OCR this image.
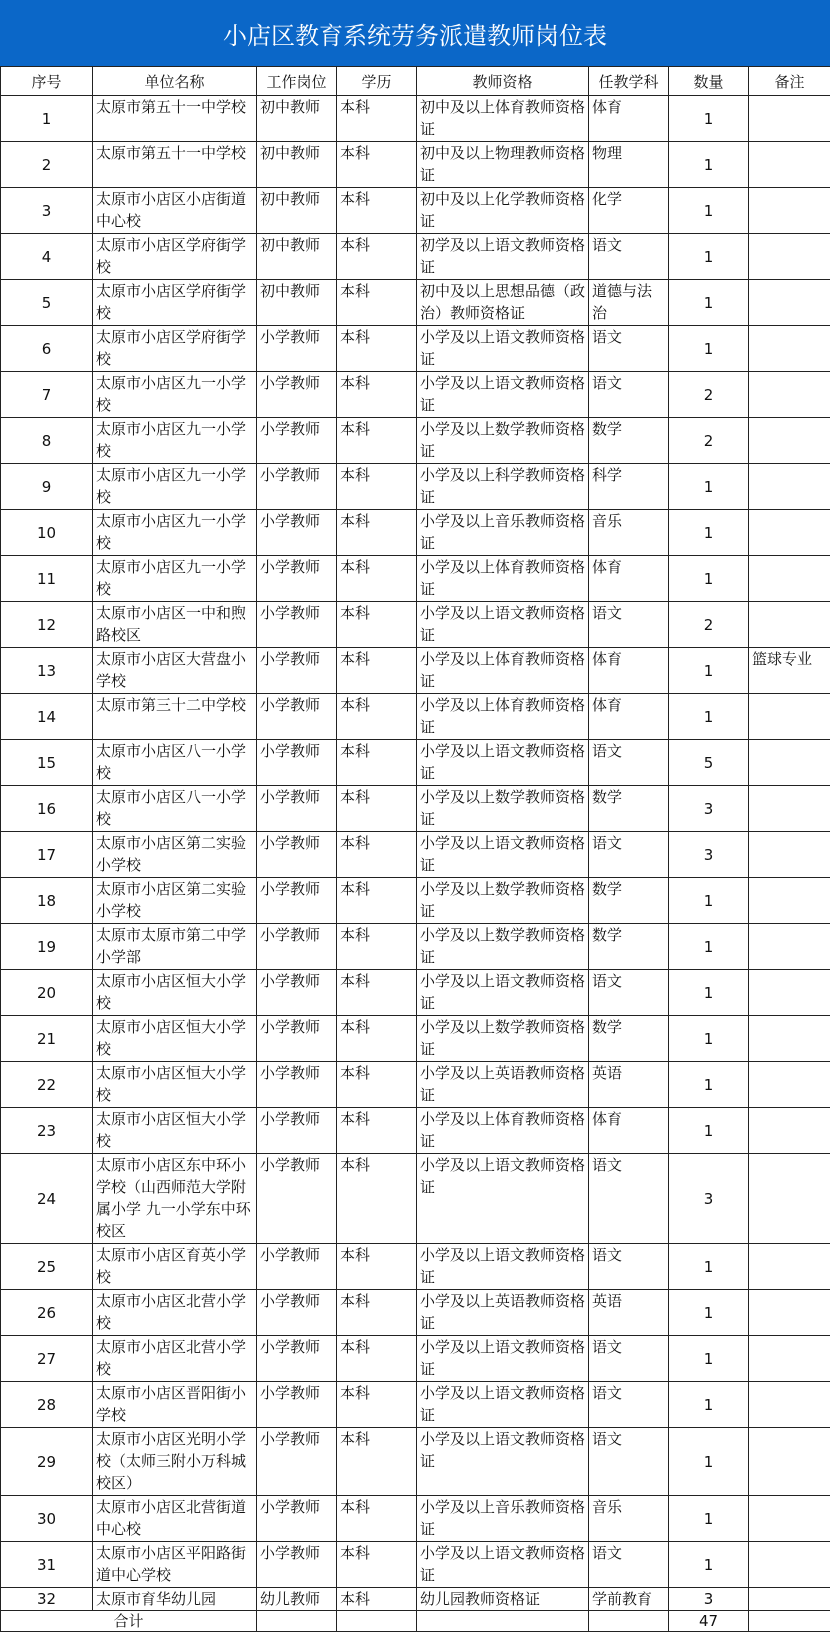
小店区教育系统劳务派遣教师岗位表
序号	单位名称	工作岗位	学历	教师资格	任教学科	数量	备注
1	太原市第五十一中学校	初中教师	本科	初中及以上体育教师资格证	体育	1	
2	太原市第五十一中学校	初中教师	本科	初中及以上物理教师资格证	物理	1	
3	太原市小店区小店街道中心校	初中教师	本科	初中及以上化学教师资格证	化学	1	
4	太原市小店区学府街学校	初中教师	本科	初学及以上语文教师资格证	语文	1	
5	太原市小店区学府街学校	初中教师	本科	初中及以上思想品德（政治）教师资格证	道德与法治	1	
6	太原市小店区学府街学校	小学教师	本科	小学及以上语文教师资格证	语文	1	
7	太原市小店区九一小学校	小学教师	本科	小学及以上语文教师资格证	语文	2	
8	太原市小店区九一小学校	小学教师	本科	小学及以上数学教师资格证	数学	2	
9	太原市小店区九一小学校	小学教师	本科	小学及以上科学教师资格证	科学	1	
10	太原市小店区九一小学校	小学教师	本科	小学及以上音乐教师资格证	音乐	1	
11	太原市小店区九一小学校	小学教师	本科	小学及以上体育教师资格证	体育	1	
12	太原市小店区一中和煦路校区	小学教师	本科	小学及以上语文教师资格证	语文	2	
13	太原市小店区大营盘小学校	小学教师	本科	小学及以上体育教师资格证	体育	1	篮球专业
14	太原市第三十二中学校	小学教师	本科	小学及以上体育教师资格证	体育	1	
15	太原市小店区八一小学校	小学教师	本科	小学及以上语文教师资格证	语文	5	
16	太原市小店区八一小学校	小学教师	本科	小学及以上数学教师资格证	数学	3	
17	太原市小店区第二实验小学校	小学教师	本科	小学及以上语文教师资格证	语文	3	
18	太原市小店区第二实验小学校	小学教师	本科	小学及以上数学教师资格证	数学	1	
19	太原市太原市第二中学小学部	小学教师	本科	小学及以上数学教师资格证	数学	1	
20	太原市小店区恒大小学校	小学教师	本科	小学及以上语文教师资格证	语文	1	
21	太原市小店区恒大小学校	小学教师	本科	小学及以上数学教师资格证	数学	1	
22	太原市小店区恒大小学校	小学教师	本科	小学及以上英语教师资格证	英语	1	
23	太原市小店区恒大小学校	小学教师	本科	小学及以上体育教师资格证	体育	1	
24	太原市小店区东中环小学校（山西师范大学附属小学 九一小学东中环校区	小学教师	本科	小学及以上语文教师资格证	语文	3	
25	太原市小店区育英小学校	小学教师	本科	小学及以上语文教师资格证	语文	1	
26	太原市小店区北营小学校	小学教师	本科	小学及以上英语教师资格证	英语	1	
27	太原市小店区北营小学校	小学教师	本科	小学及以上语文教师资格证	语文	1	
28	太原市小店区晋阳街小学校	小学教师	本科	小学及以上语文教师资格证	语文	1	
29	太原市小店区光明小学校（太师三附小万科城校区）	小学教师	本科	小学及以上语文教师资格证	语文	1	
30	太原市小店区北营街道中心校	小学教师	本科	小学及以上音乐教师资格证	音乐	1	
31	太原市小店区平阳路街道中心学校	小学教师	本科	小学及以上语文教师资格证	语文	1	
32	太原市育华幼儿园	幼儿教师	本科	幼儿园教师资格证	学前教育	3	
合计						47	
